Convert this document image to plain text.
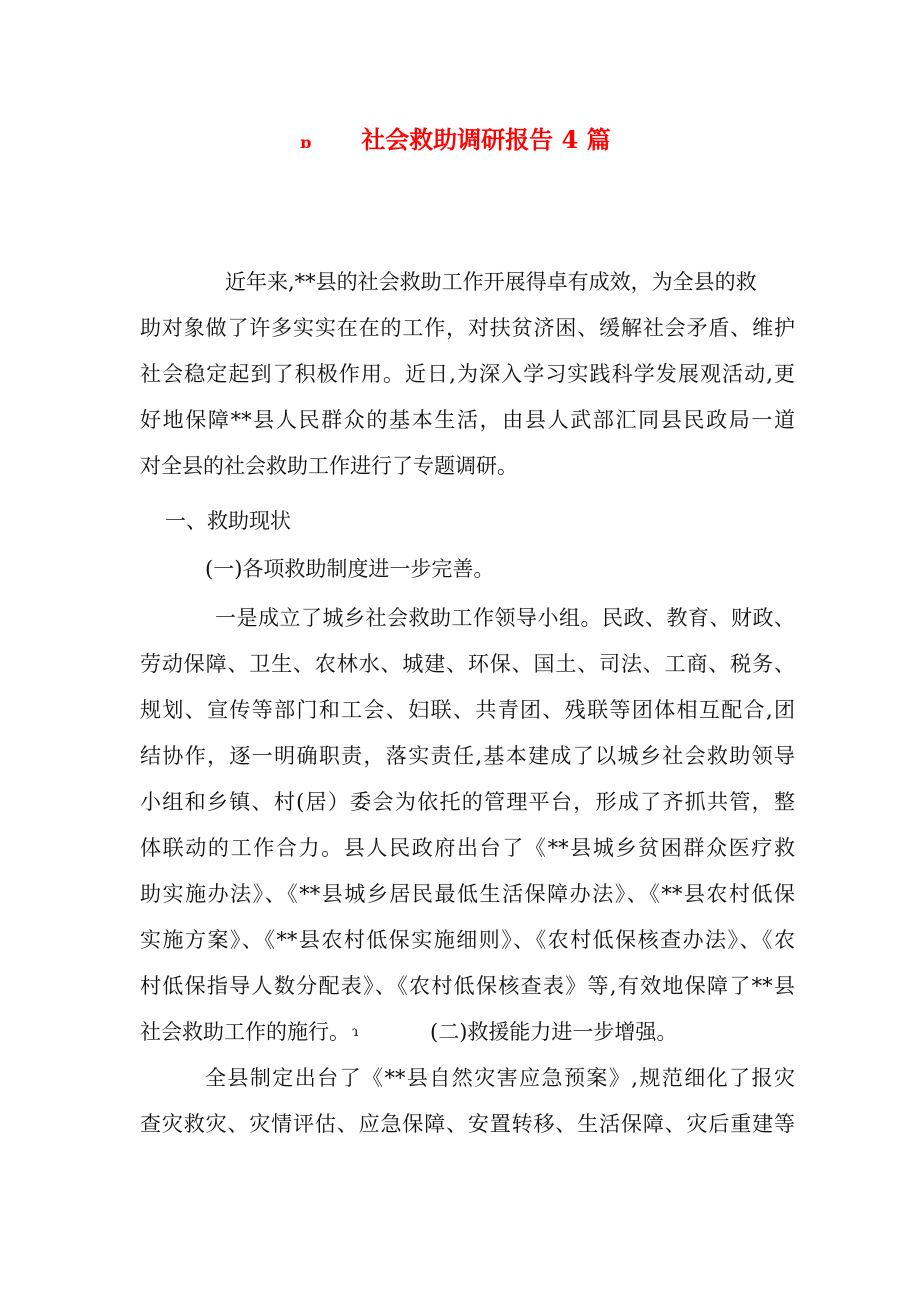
ɒ 社会救助调研报告 4 篇
近年来,**县的社会救助工作开展得卓有成效，为全县的救
助对象做了许多实实在在的工作，对扶贫济困、缓解社会矛盾、维护
社会稳定起到了积极作用。近日,为深入学习实践科学发展观活动,更
好地保障**县人民群众的基本生活，由县人武部汇同县民政局一道
对全县的社会救助工作进行了专题调研。
一、救助现状
(一)各项救助制度进一步完善。
一是成立了城乡社会救助工作领导小组。民政、教育、财政、
劳动保障、卫生、农林水、城建、环保、国土、司法、工商、税务、
规划、宣传等部门和工会、妇联、共青团、残联等团体相互配合,团
结协作，逐一明确职责，落实责任,基本建成了以城乡社会救助领导
小组和乡镇、村(居）委会为依托的管理平台，形成了齐抓共管，整
体联动的工作合力。县人民政府出台了《**县城乡贫困群众医疗救
助实施办法》、《**县城乡居民最低生活保障办法》、《**县农村低保
实施方案》、《**县农村低保实施细则》、《农村低保核查办法》、《农
村低保指导人数分配表》、《农村低保核查表》等,有效地保障了**县
社会救助工作的施行。 ɿ	(二)救援能力进一步增强。
全县制定出台了《**县自然灾害应急预案》,规范细化了报灾
查灾救灾、灾情评估、应急保障、安置转移、生活保障、灾后重建等
